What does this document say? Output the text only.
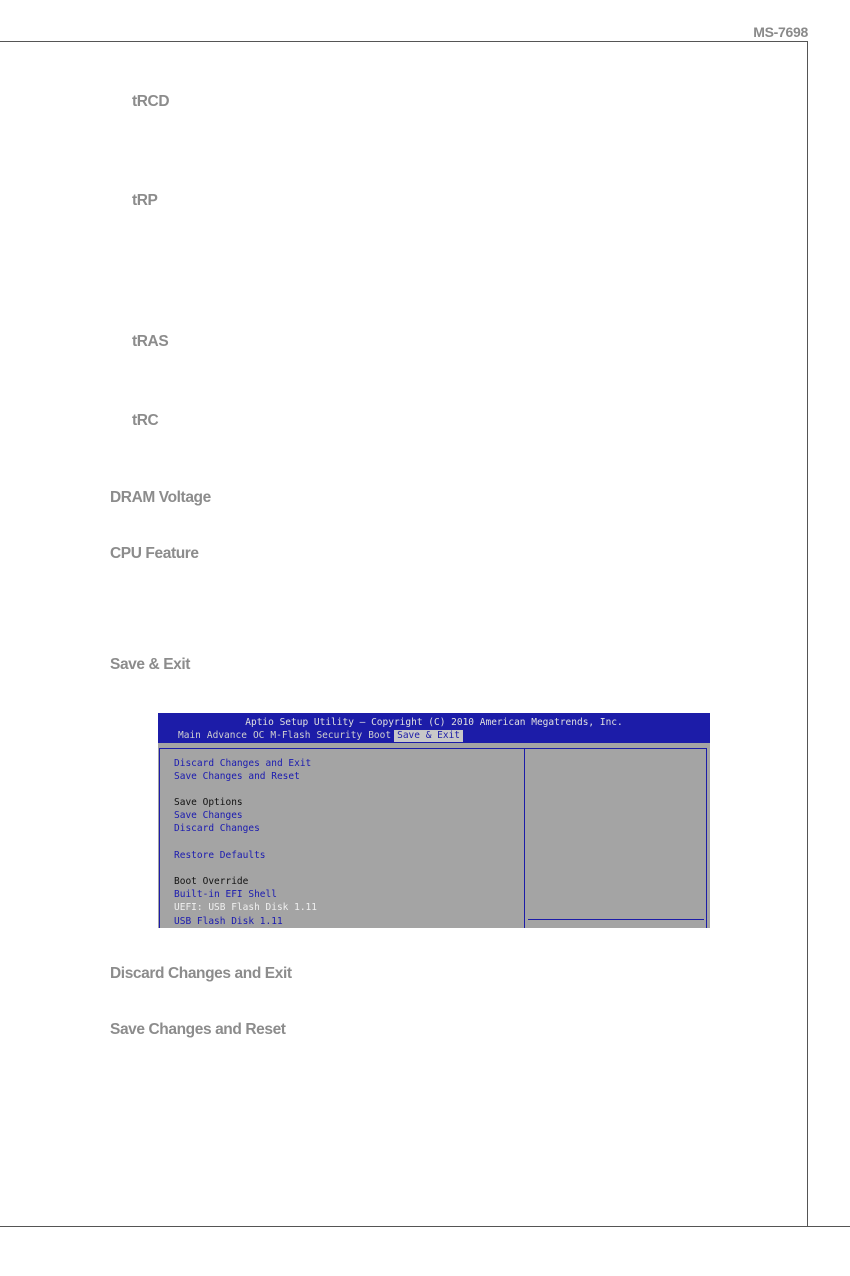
MS-7698
tRCD
tRP
tRAS
tRC
DRAM Voltage
CPU Feature
Save & Exit
Aptio Setup Utility – Copyright (C) 2010 American Megatrends, Inc.
Main Advance OC M-Flash Security Boot Save & Exit
Discard Changes and Exit
Save Changes and Reset
Save Options
Save Changes
Discard Changes
Restore Defaults
Boot Override
Built-in EFI Shell
UEFI: USB Flash Disk 1.11
USB Flash Disk 1.11
Discard Changes and Exit
Save Changes and Reset
